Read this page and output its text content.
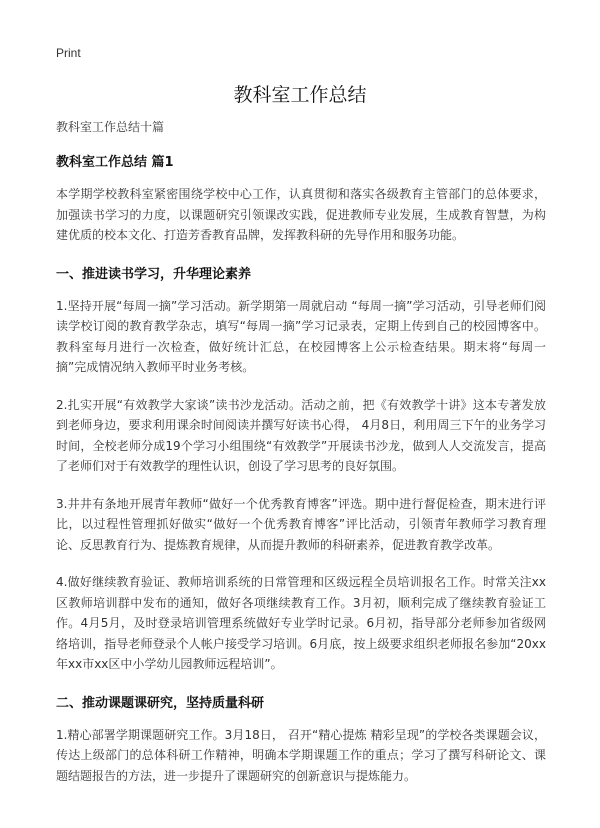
Print
教科室工作总结
教科室工作总结十篇
教科室工作总结 篇1
本学期学校教科室紧密围绕学校中心工作，认真贯彻和落实各级教育主管部门的总体要求，加强读书学习的力度，以课题研究引领课改实践，促进教师专业发展，生成教育智慧，为构建优质的校本文化、打造芳香教育品牌，发挥教科研的先导作用和服务功能。
一、推进读书学习，升华理论素养
1.坚持开展“每周一摘”学习活动。新学期第一周就启动 “每周一摘”学习活动，引导老师们阅读学校订阅的教育教学杂志，填写“每周一摘”学习记录表，定期上传到自己的校园博客中。教科室每月进行一次检查，做好统计汇总，在校园博客上公示检查结果。期末将“每周一摘”完成情况纳入教师平时业务考核。
2.扎实开展“有效教学大家谈”读书沙龙活动。活动之前，把《有效教学十讲》这本专著发放到老师身边，要求利用课余时间阅读并撰写好读书心得， 4月8日，利用周三下午的业务学习时间，全校老师分成19个学习小组围绕“有效教学”开展读书沙龙，做到人人交流发言，提高了老师们对于有效教学的理性认识，创设了学习思考的良好氛围。
3.井井有条地开展青年教师“做好一个优秀教育博客”评选。期中进行督促检查，期末进行评比，以过程性管理抓好做实“做好一个优秀教育博客”评比活动，引领青年教师学习教育理论、反思教育行为、提炼教育规律，从而提升教师的科研素养，促进教育教学改革。
4.做好继续教育验证、教师培训系统的日常管理和区级远程全员培训报名工作。时常关注xx区教师培训群中发布的通知，做好各项继续教育工作。3月初，顺利完成了继续教育验证工作。4月5月，及时登录培训管理系统做好专业学时记录。6月初，指导部分老师参加省级网络培训，指导老师登录个人帐户接受学习培训。6月底，按上级要求组织老师报名参加“20xx年xx市xx区中小学幼儿园教师远程培训”。
二、推动课题课研究，坚持质量科研
1.精心部署学期课题研究工作。3月18日， 召开“精心提炼 精彩呈现”的学校各类课题会议，传达上级部门的总体科研工作精神，明确本学期课题工作的重点；学习了撰写科研论文、课题结题报告的方法，进一步提升了课题研究的创新意识与提炼能力。
